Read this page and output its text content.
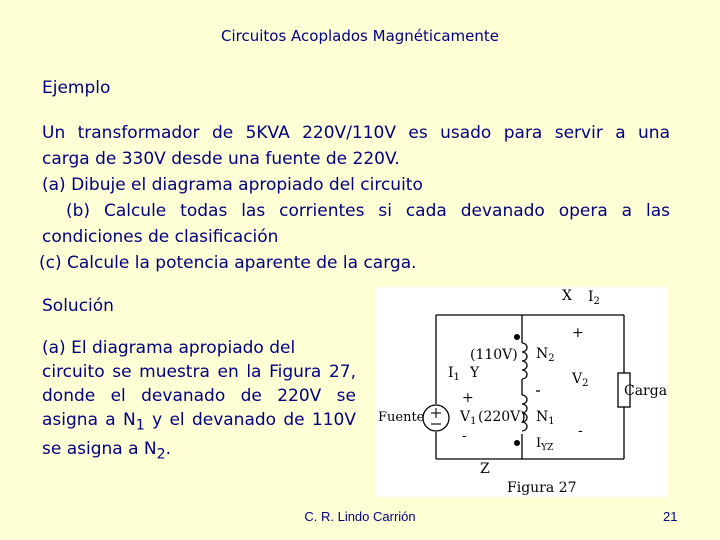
Circuitos Acoplados Magnéticamente
Ejemplo

Un transformador de 5KVA 220V/110V es usado para servir a una

carga de 330V desde una fuente de 220V.

(a) Dibuje el diagrama apropiado del circuito

(b) Calcule todas las corrientes si cada devanado opera a las

condiciones de clasificación

(c) Calcule la potencia aparente de la carga.

Solución

(a) El diagrama apropiado del

circuito se muestra en la Figura 27,

donde el devanado de 220V se

asigna a $N_1$ y el devanado de 110V

se asigna a $N_2$.

X $I_2$
+
(110V) $N_2$
$I_1$ Y	$V_2$	Carga
+
$V_1$ (220V) $N_1$
Fuente
-	$I_{YZ}$
-
Z
Figura 27
C. R. Lindo Carrión	21
